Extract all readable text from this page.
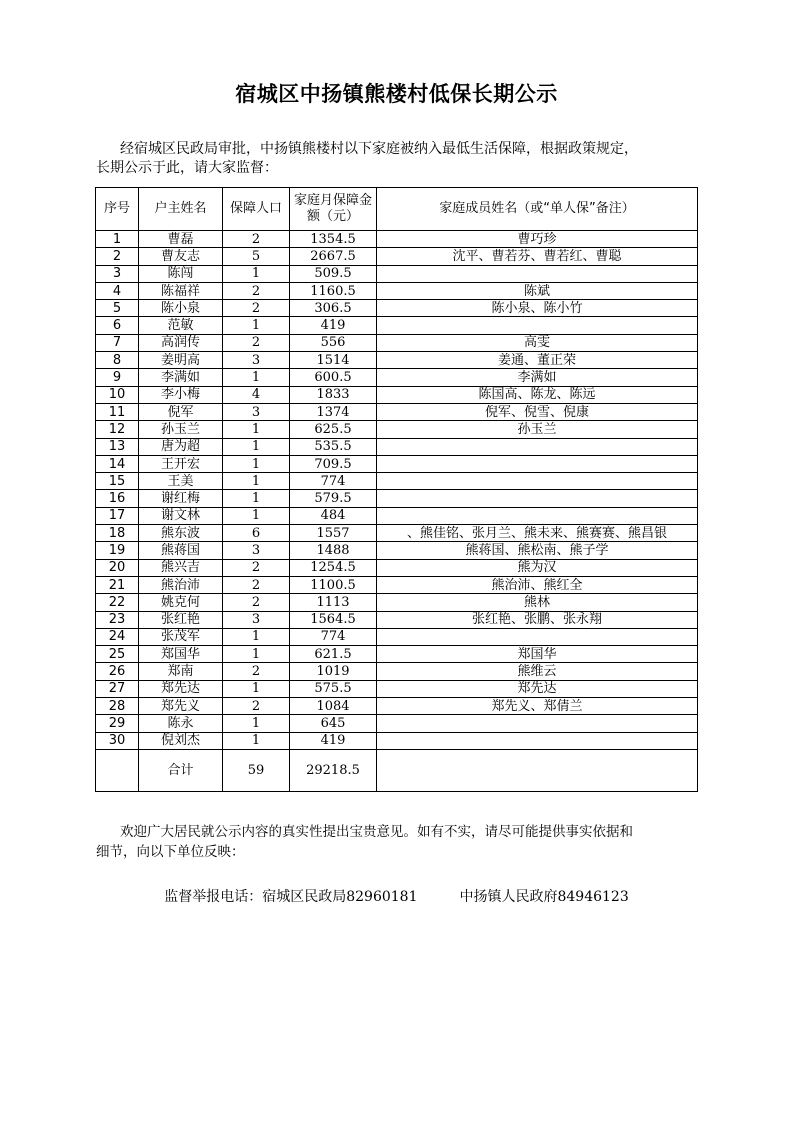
宿城区中扬镇熊楼村低保长期公示
经宿城区民政局审批，中扬镇熊楼村以下家庭被纳入最低生活保障，根据政策规定，
长期公示于此，请大家监督：
序号	户主姓名	保障人口	家庭月保障金额（元）	家庭成员姓名（或“单人保”备注）
1	曹磊	2	1354.5	曹巧珍
2	曹友志	5	2667.5	沈平、曹若芬、曹若红、曹聪
3	陈闯	1	509.5	
4	陈福祥	2	1160.5	陈斌
5	陈小泉	2	306.5	陈小泉、陈小竹
6	范敏	1	419	
7	高润传	2	556	高雯
8	姜明高	3	1514	姜通、董正荣
9	李满如	1	600.5	李满如
10	李小梅	4	1833	陈国高、陈龙、陈远
11	倪军	3	1374	倪军、倪雪、倪康
12	孙玉兰	1	625.5	孙玉兰
13	唐为超	1	535.5	
14	王开宏	1	709.5	
15	王美	1	774	
16	谢红梅	1	579.5	
17	谢文林	1	484	
18	熊东波	6	1557	、熊佳铭、张月兰、熊未来、熊赛赛、熊昌银
19	熊蒋国	3	1488	熊蒋国、熊松南、熊子学
20	熊兴吉	2	1254.5	熊为汉
21	熊治沛	2	1100.5	熊治沛、熊红全
22	姚克何	2	1113	熊林
23	张红艳	3	1564.5	张红艳、张鹏、张永翔
24	张茂军	1	774	
25	郑国华	1	621.5	郑国华
26	郑南	2	1019	熊维云
27	郑先达	1	575.5	郑先达
28	郑先义	2	1084	郑先义、郑倩兰
29	陈永	1	645	
30	倪刘杰	1	419	
	合计	59	29218.5	
欢迎广大居民就公示内容的真实性提出宝贵意见。如有不实，请尽可能提供事实依据和
细节，向以下单位反映：
监督举报电话：宿城区民政局82960181　　　中扬镇人民政府84946123
